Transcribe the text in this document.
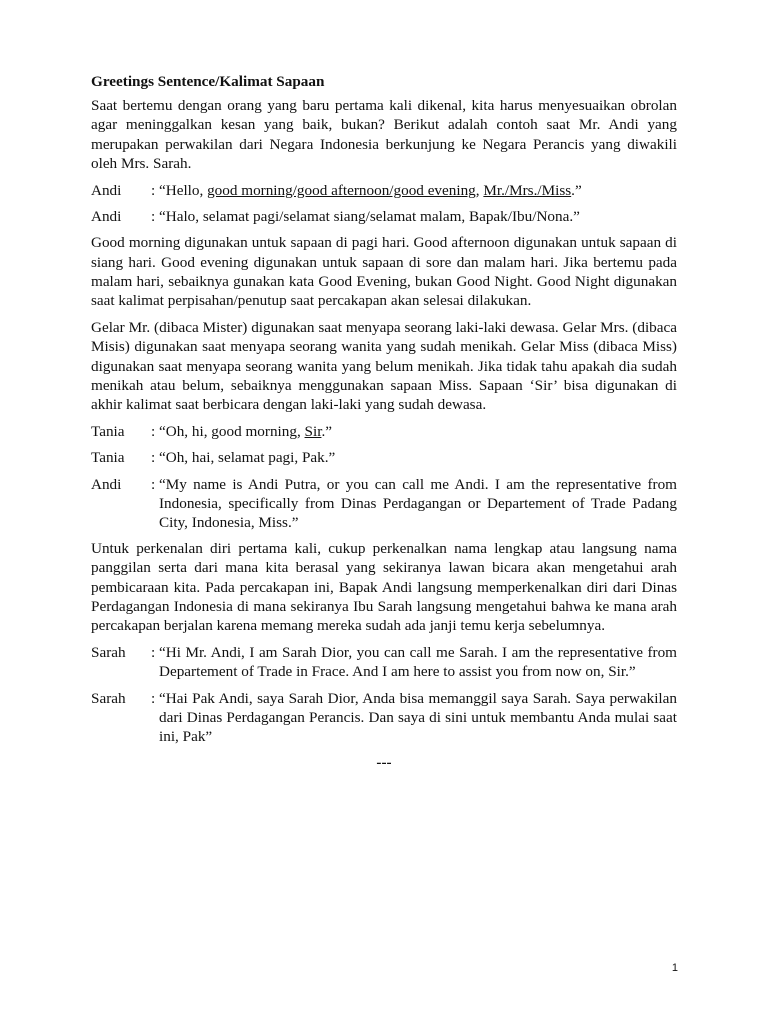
Greetings Sentence/Kalimat Sapaan
Saat bertemu dengan orang yang baru pertama kali dikenal, kita harus menyesuaikan obrolan agar meninggalkan kesan yang baik, bukan? Berikut adalah contoh saat Mr. Andi yang merupakan perwakilan dari Negara Indonesia berkunjung ke Negara Perancis yang diwakili oleh Mrs. Sarah.
Andi	: “Hello, good morning/good afternoon/good evening, Mr./Mrs./Miss.”
Andi	: “Halo, selamat pagi/selamat siang/selamat malam, Bapak/Ibu/Nona.”
Good morning digunakan untuk sapaan di pagi hari. Good afternoon digunakan untuk sapaan di siang hari. Good evening digunakan untuk sapaan di sore dan malam hari. Jika bertemu pada malam hari, sebaiknya gunakan kata Good Evening, bukan Good Night. Good Night digunakan saat kalimat perpisahan/penutup saat percakapan akan selesai dilakukan.
Gelar Mr. (dibaca Mister) digunakan saat menyapa seorang laki-laki dewasa. Gelar Mrs. (dibaca Misis) digunakan saat menyapa seorang wanita yang sudah menikah. Gelar Miss (dibaca Miss) digunakan saat menyapa seorang wanita yang belum menikah. Jika tidak tahu apakah dia sudah menikah atau belum, sebaiknya menggunakan sapaan Miss. Sapaan ‘Sir’ bisa digunakan di akhir kalimat saat berbicara dengan laki-laki yang sudah dewasa.
Tania	: “Oh, hi, good morning, Sir.”
Tania	: “Oh, hai, selamat pagi, Pak.”
Andi	: “My name is Andi Putra, or you can call me Andi. I am the representative from Indonesia, specifically from Dinas Perdagangan or Departement of Trade Padang City, Indonesia, Miss.”
Untuk perkenalan diri pertama kali, cukup perkenalkan nama lengkap atau langsung nama panggilan serta dari mana kita berasal yang sekiranya lawan bicara akan mengetahui arah pembicaraan kita. Pada percakapan ini, Bapak Andi langsung memperkenalkan diri dari Dinas Perdagangan Indonesia di mana sekiranya Ibu Sarah langsung mengetahui bahwa ke mana arah percakapan berjalan karena memang mereka sudah ada janji temu kerja sebelumnya.
Sarah	: “Hi Mr. Andi, I am Sarah Dior, you can call me Sarah. I am the representative from Departement of Trade in Frace. And I am here to assist you from now on, Sir.”
Sarah	: “Hai Pak Andi, saya Sarah Dior, Anda bisa memanggil saya Sarah. Saya perwakilan dari Dinas Perdagangan Perancis. Dan saya di sini untuk membantu Anda mulai saat ini, Pak”
---
1
